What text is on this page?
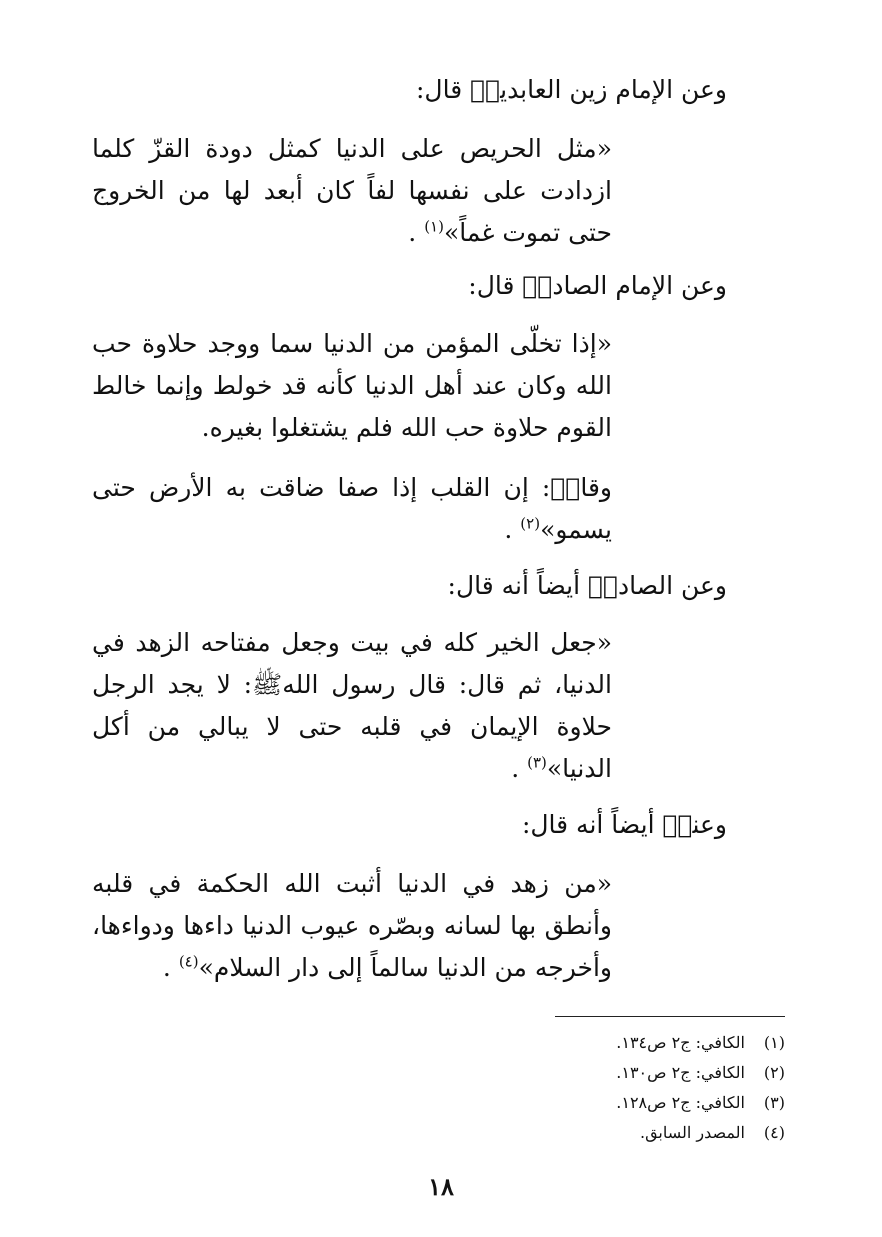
وعن الإمام زين العابدينؑ قال:
«مثل الحريص على الدنيا كمثل دودة القزّ كلما ازدادت على نفسها لفاً كان أبعد لها من الخروج حتى تموت غماً»$^{(١)}$ .
وعن الإمام الصادقؑ قال:
«إذا تخلّى المؤمن من الدنيا سما ووجد حلاوة حب الله وكان عند أهل الدنيا كأنه قد خولط وإنما خالط القوم حلاوة حب الله فلم يشتغلوا بغيره.
وقالؑ: إن القلب إذا صفا ضاقت به الأرض حتى يسمو»$^{(٢)}$ .
وعن الصادقؑ أيضاً أنه قال:
«جعل الخير كله في بيت وجعل مفتاحه الزهد في الدنيا، ثم قال: قال رسول اللهﷺ: لا يجد الرجل حلاوة الإيمان في قلبه حتى لا يبالي من أكل الدنيا»$^{(٣)}$ .
وعنهؑ أيضاً أنه قال:
«من زهد في الدنيا أثبت الله الحكمة في قلبه وأنطق بها لسانه وبصّره عيوب الدنيا داءها ودواءها، وأخرجه من الدنيا سالماً إلى دار السلام»$^{(٤)}$ .
(١)الكافي: ج٢ ص١٣٤.
(٢)الكافي: ج٢ ص١٣٠.
(٣)الكافي: ج٢ ص١٢٨.
(٤)المصدر السابق.
١٨
